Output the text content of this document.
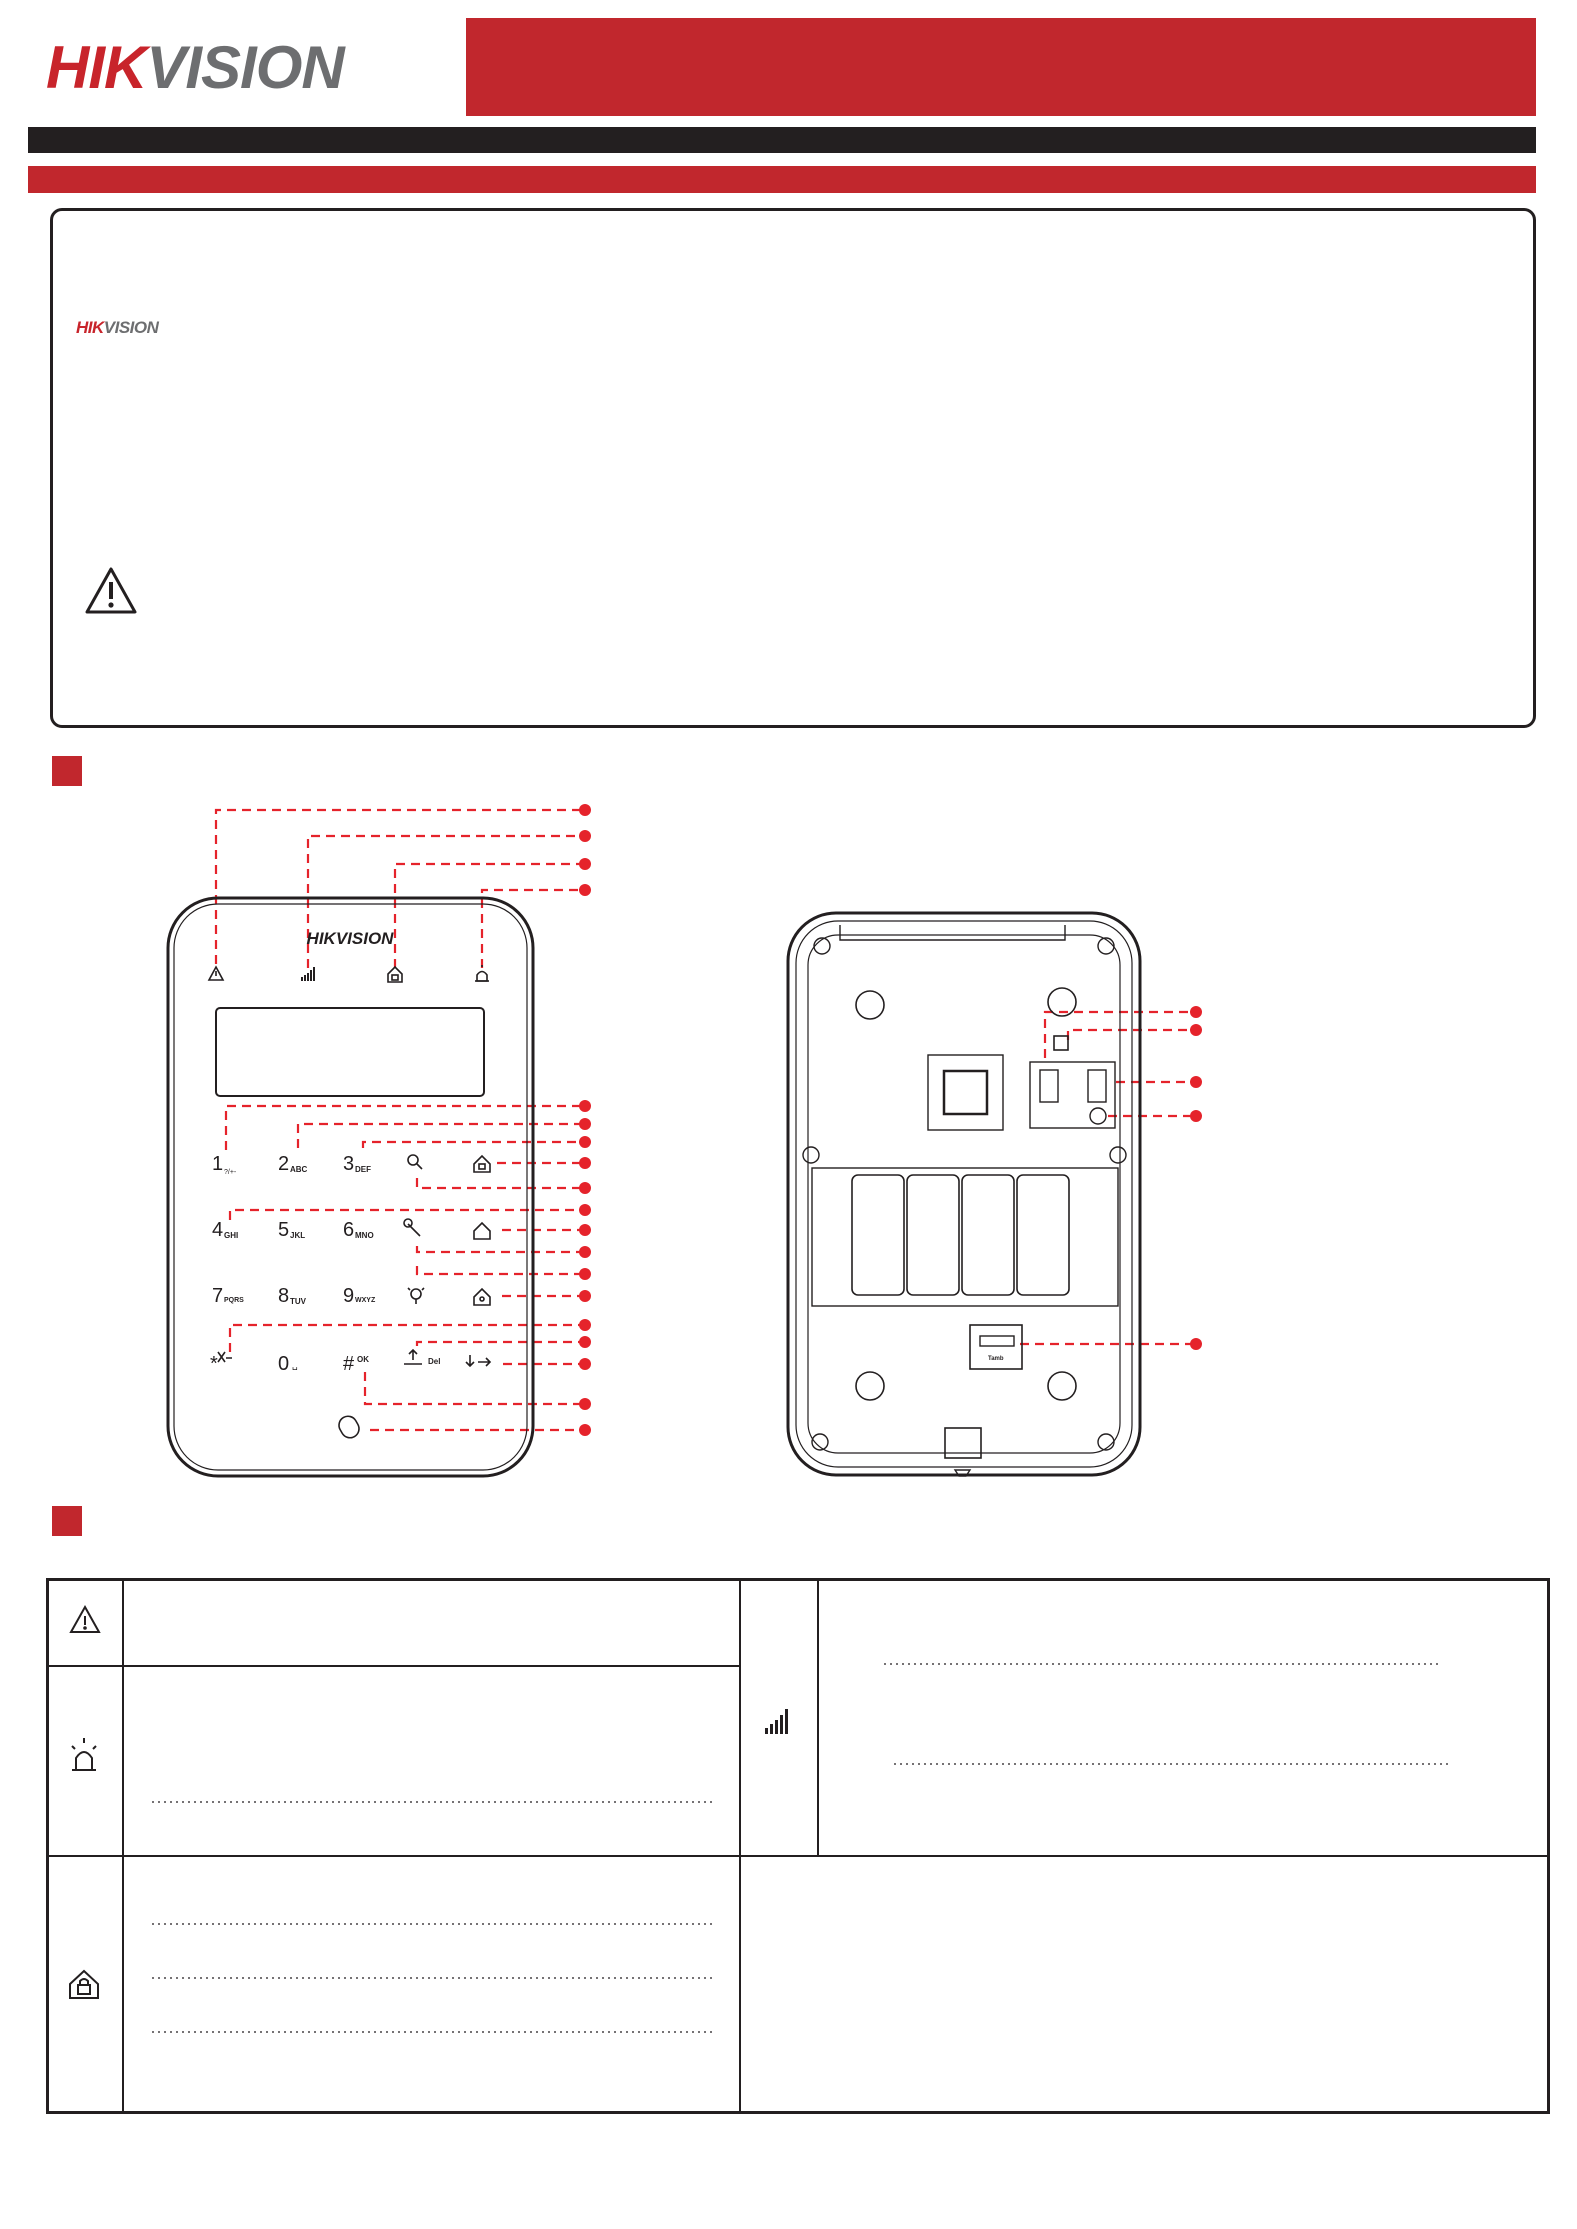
HIKVISION
HIKVISION
HIKVISION
1 ?/+- 2 ABC 3 DEF
4 GHI 5 JKL 6 MNO
7 PQRS 8 TUV 9 WXYZ
*	0 ␣ # OK	Del	Tamb
